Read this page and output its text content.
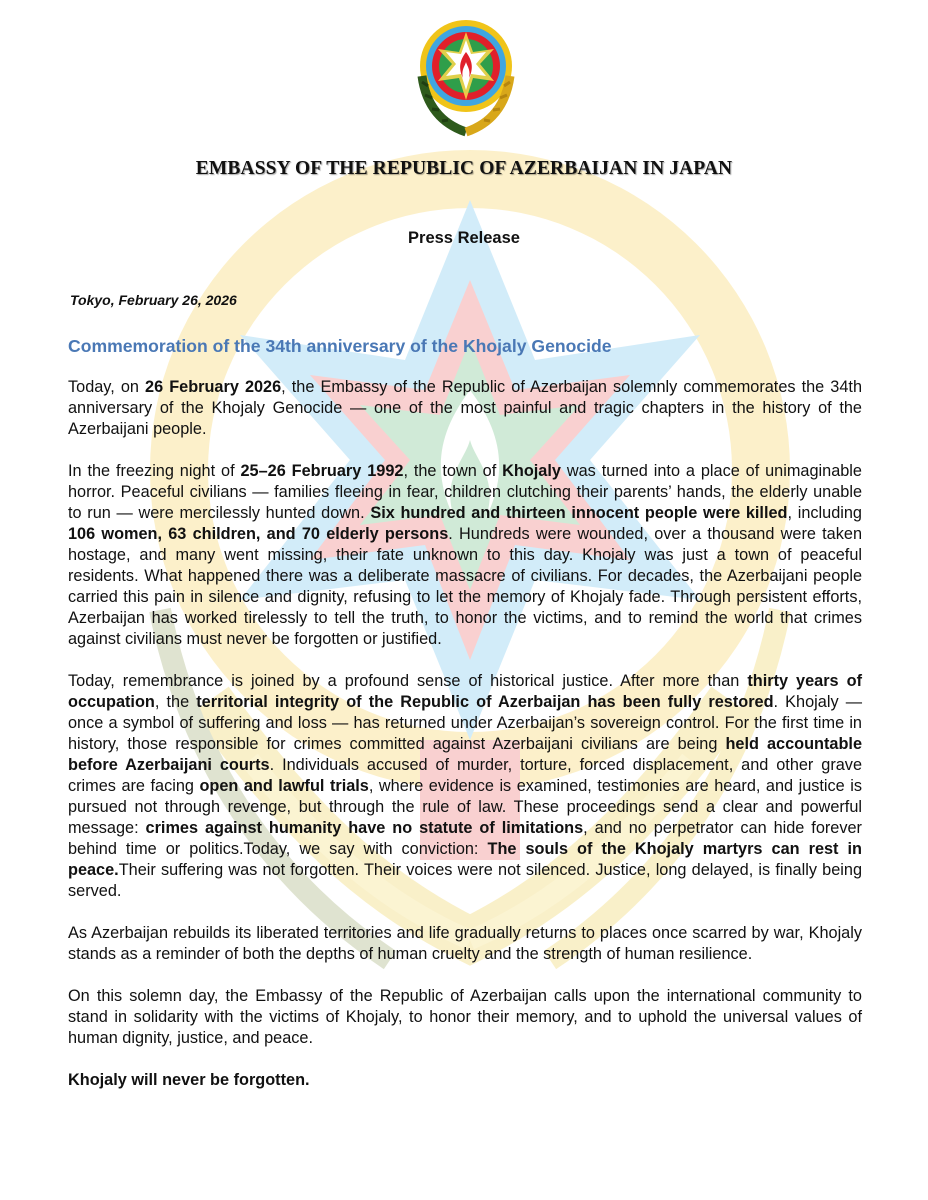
EMBASSY OF THE REPUBLIC OF AZERBAIJAN IN JAPAN
Press Release

Tokyo, February 26, 2026

Commemoration of the 34th anniversary of the Khojaly Genocide

Today, on 26 February 2026, the Embassy of the Republic of Azerbaijan solemnly commemorates the 34th anniversary of the Khojaly Genocide — one of the most painful and tragic chapters in the history of the Azerbaijani people.

In the freezing night of 25–26 February 1992, the town of Khojaly was turned into a place of unimaginable horror. Peaceful civilians — families fleeing in fear, children clutching their parents’ hands, the elderly unable to run — were mercilessly hunted down. Six hundred and thirteen innocent people were killed, including 106 women, 63 children, and 70 elderly persons. Hundreds were wounded, over a thousand were taken hostage, and many went missing, their fate unknown to this day. Khojaly was just a town of peaceful residents. What happened there was a deliberate massacre of civilians. For decades, the Azerbaijani people carried this pain in silence and dignity, refusing to let the memory of Khojaly fade. Through persistent efforts, Azerbaijan has worked tirelessly to tell the truth, to honor the victims, and to remind the world that crimes against civilians must never be forgotten or justified.

Today, remembrance is joined by a profound sense of historical justice. After more than thirty years of occupation, the territorial integrity of the Republic of Azerbaijan has been fully restored. Khojaly — once a symbol of suffering and loss — has returned under Azerbaijan’s sovereign control. For the first time in history, those responsible for crimes committed against Azerbaijani civilians are being held accountable before Azerbaijani courts. Individuals accused of murder, torture, forced displacement, and other grave crimes are facing open and lawful trials, where evidence is examined, testimonies are heard, and justice is pursued not through revenge, but through the rule of law. These proceedings send a clear and powerful message: crimes against humanity have no statute of limitations, and no perpetrator can hide forever behind time or politics.Today, we say with conviction: The souls of the Khojaly martyrs can rest in peace.Their suffering was not forgotten. Their voices were not silenced. Justice, long delayed, is finally being served.

As Azerbaijan rebuilds its liberated territories and life gradually returns to places once scarred by war, Khojaly stands as a reminder of both the depths of human cruelty and the strength of human resilience.

On this solemn day, the Embassy of the Republic of Azerbaijan calls upon the international community to stand in solidarity with the victims of Khojaly, to honor their memory, and to uphold the universal values of human dignity, justice, and peace.

Khojaly will never be forgotten.
